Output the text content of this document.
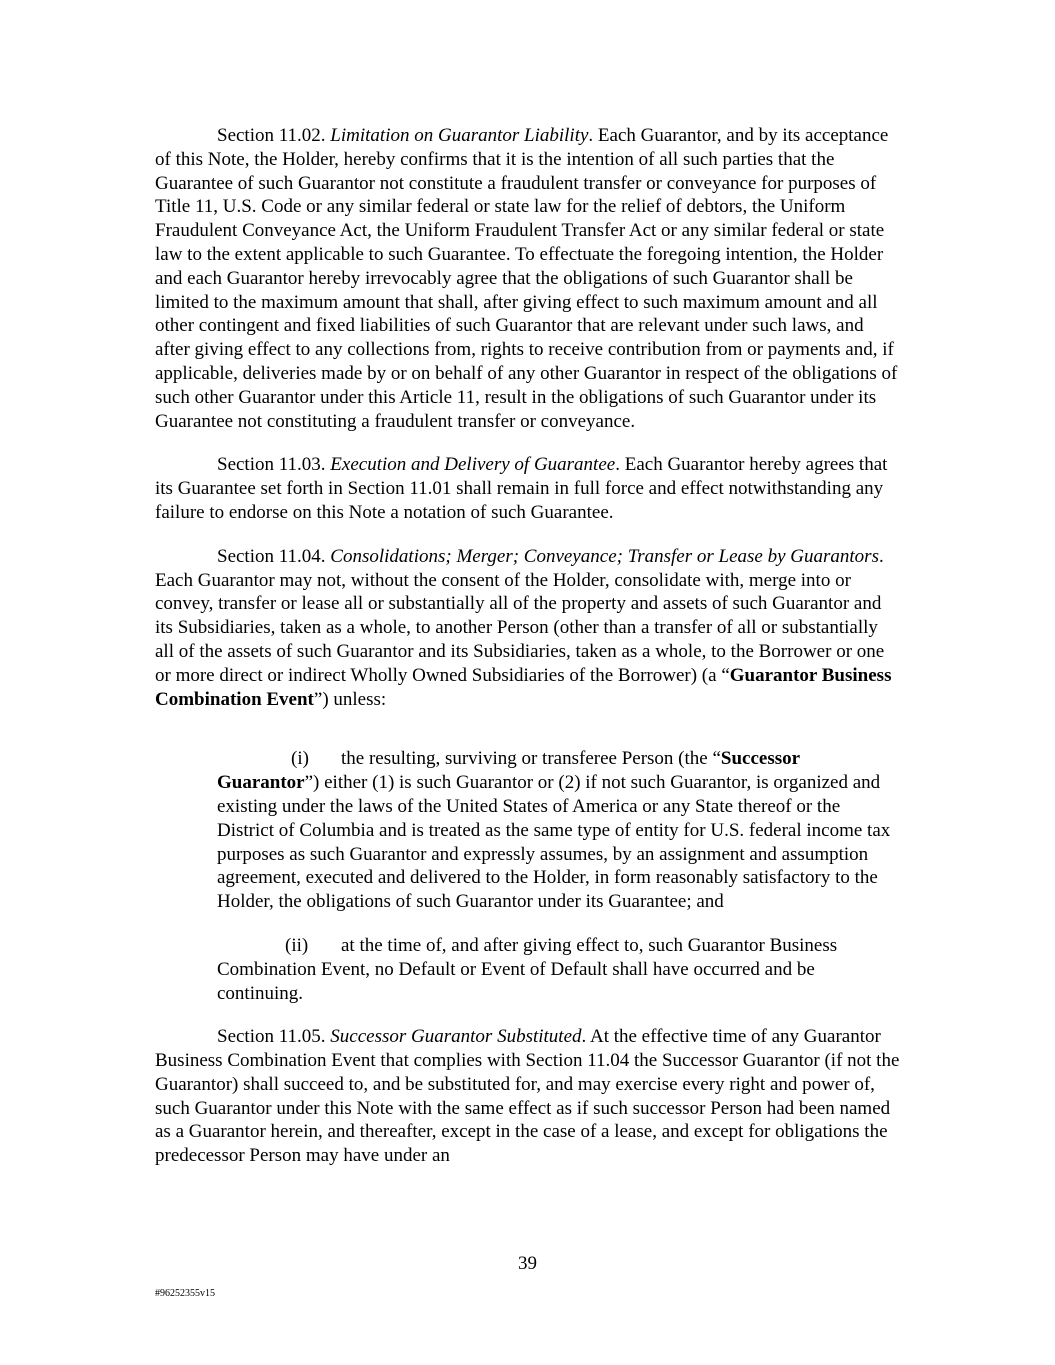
Section 11.02. Limitation on Guarantor Liability. Each Guarantor, and by its acceptance of this Note, the Holder, hereby confirms that it is the intention of all such parties that the Guarantee of such Guarantor not constitute a fraudulent transfer or conveyance for purposes of Title 11, U.S. Code or any similar federal or state law for the relief of debtors, the Uniform Fraudulent Conveyance Act, the Uniform Fraudulent Transfer Act or any similar federal or state law to the extent applicable to such Guarantee. To effectuate the foregoing intention, the Holder and each Guarantor hereby irrevocably agree that the obligations of such Guarantor shall be limited to the maximum amount that shall, after giving effect to such maximum amount and all other contingent and fixed liabilities of such Guarantor that are relevant under such laws, and after giving effect to any collections from, rights to receive contribution from or payments and, if applicable, deliveries made by or on behalf of any other Guarantor in respect of the obligations of such other Guarantor under this Article 11, result in the obligations of such Guarantor under its Guarantee not constituting a fraudulent transfer or conveyance.

Section 11.03. Execution and Delivery of Guarantee. Each Guarantor hereby agrees that its Guarantee set forth in Section 11.01 shall remain in full force and effect notwithstanding any failure to endorse on this Note a notation of such Guarantee.

Section 11.04. Consolidations; Merger; Conveyance; Transfer or Lease by Guarantors. Each Guarantor may not, without the consent of the Holder, consolidate with, merge into or convey, transfer or lease all or substantially all of the property and assets of such Guarantor and its Subsidiaries, taken as a whole, to another Person (other than a transfer of all or substantially all of the assets of such Guarantor and its Subsidiaries, taken as a whole, to the Borrower or one or more direct or indirect Wholly Owned Subsidiaries of the Borrower) (a “Guarantor Business Combination Event”) unless:

(i) the resulting, surviving or transferee Person (the “Successor Guarantor”) either (1) is such Guarantor or (2) if not such Guarantor, is organized and existing under the laws of the United States of America or any State thereof or the District of Columbia and is treated as the same type of entity for U.S. federal income tax purposes as such Guarantor and expressly assumes, by an assignment and assumption agreement, executed and delivered to the Holder, in form reasonably satisfactory to the Holder, the obligations of such Guarantor under its Guarantee; and

(ii) at the time of, and after giving effect to, such Guarantor Business Combination Event, no Default or Event of Default shall have occurred and be continuing.

Section 11.05. Successor Guarantor Substituted. At the effective time of any Guarantor Business Combination Event that complies with Section 11.04 the Successor Guarantor (if not the Guarantor) shall succeed to, and be substituted for, and may exercise every right and power of, such Guarantor under this Note with the same effect as if such successor Person had been named as a Guarantor herein, and thereafter, except in the case of a lease, and except for obligations the predecessor Person may have under an

39
#96252355v15
